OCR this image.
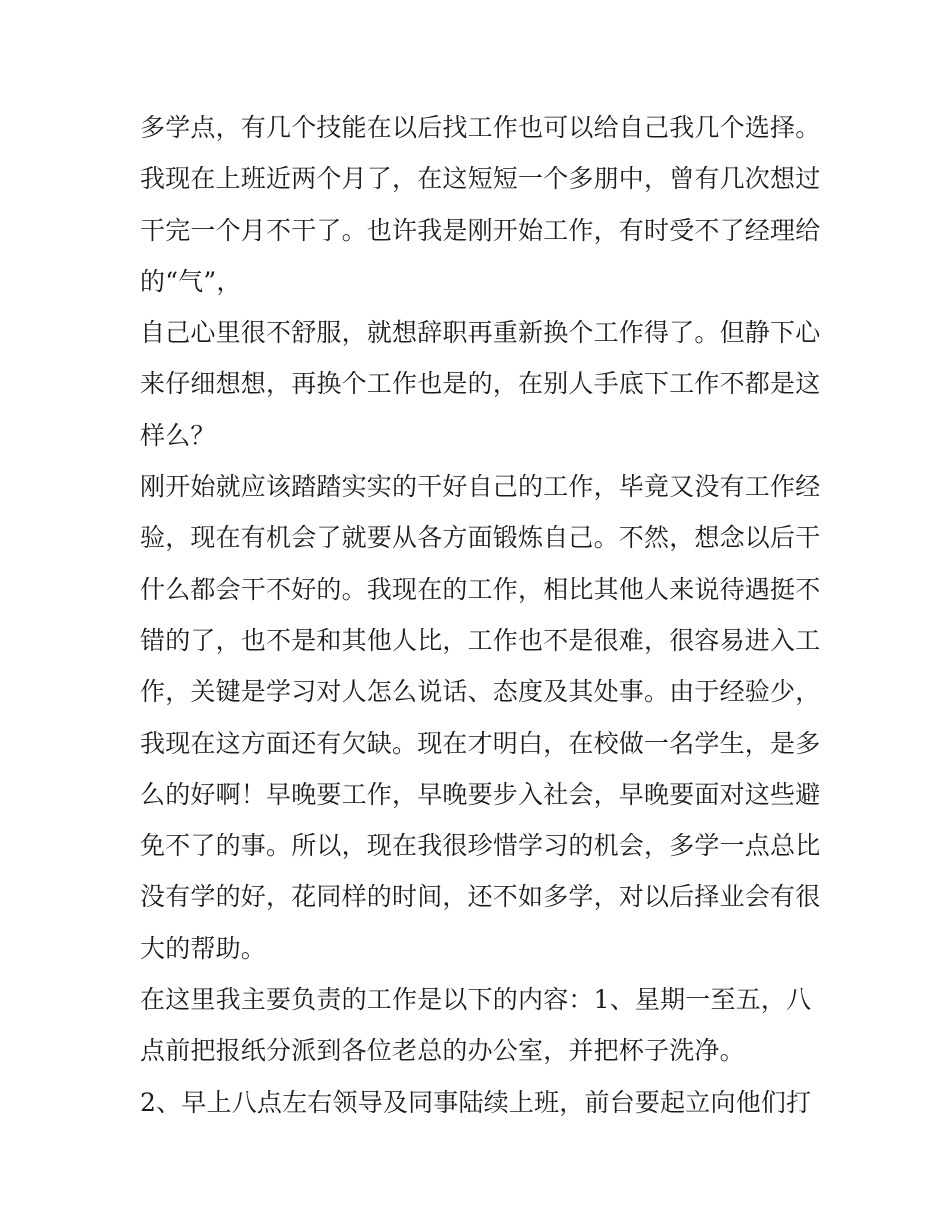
多学点，有几个技能在以后找工作也可以给自己我几个选择。
我现在上班近两个月了，在这短短一个多朋中，曾有几次想过
干完一个月不干了。也许我是刚开始工作，有时受不了经理给
的“气”，
自己心里很不舒服，就想辞职再重新换个工作得了。但静下心
来仔细想想，再换个工作也是的，在别人手底下工作不都是这
样么？
刚开始就应该踏踏实实的干好自己的工作，毕竟又没有工作经
验，现在有机会了就要从各方面锻炼自己。不然，想念以后干
什么都会干不好的。我现在的工作，相比其他人来说待遇挺不
错的了，也不是和其他人比，工作也不是很难，很容易进入工
作，关键是学习对人怎么说话、态度及其处事。由于经验少，
我现在这方面还有欠缺。现在才明白，在校做一名学生，是多
么的好啊！早晚要工作，早晚要步入社会，早晚要面对这些避
免不了的事。所以，现在我很珍惜学习的机会，多学一点总比
没有学的好，花同样的时间，还不如多学，对以后择业会有很
大的帮助。
在这里我主要负责的工作是以下的内容：1、星期一至五，八
点前把报纸分派到各位老总的办公室，并把杯子洗净。
2、早上八点左右领导及同事陆续上班，前台要起立向他们打
